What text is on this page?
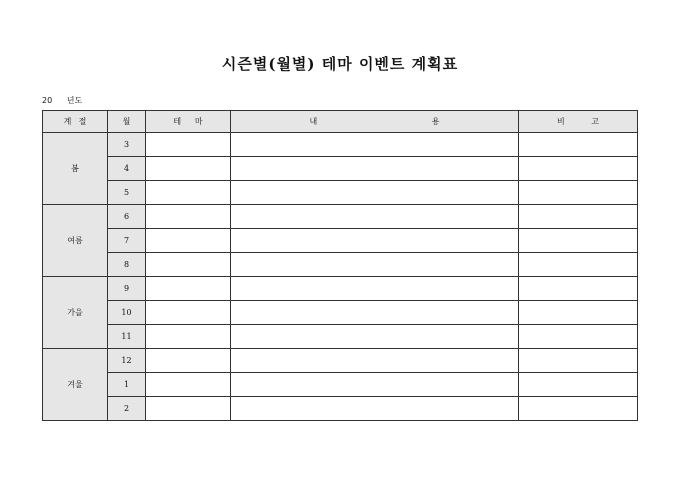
시즌별(월별) 테마 이벤트 계획표
20 년도
계 절	월	테 마	내 용	비 고
봄	3			
	4			
	5			
여름	6			
	7			
	8			
가을	9			
	10			
	11			
겨울	12			
	1			
	2			
